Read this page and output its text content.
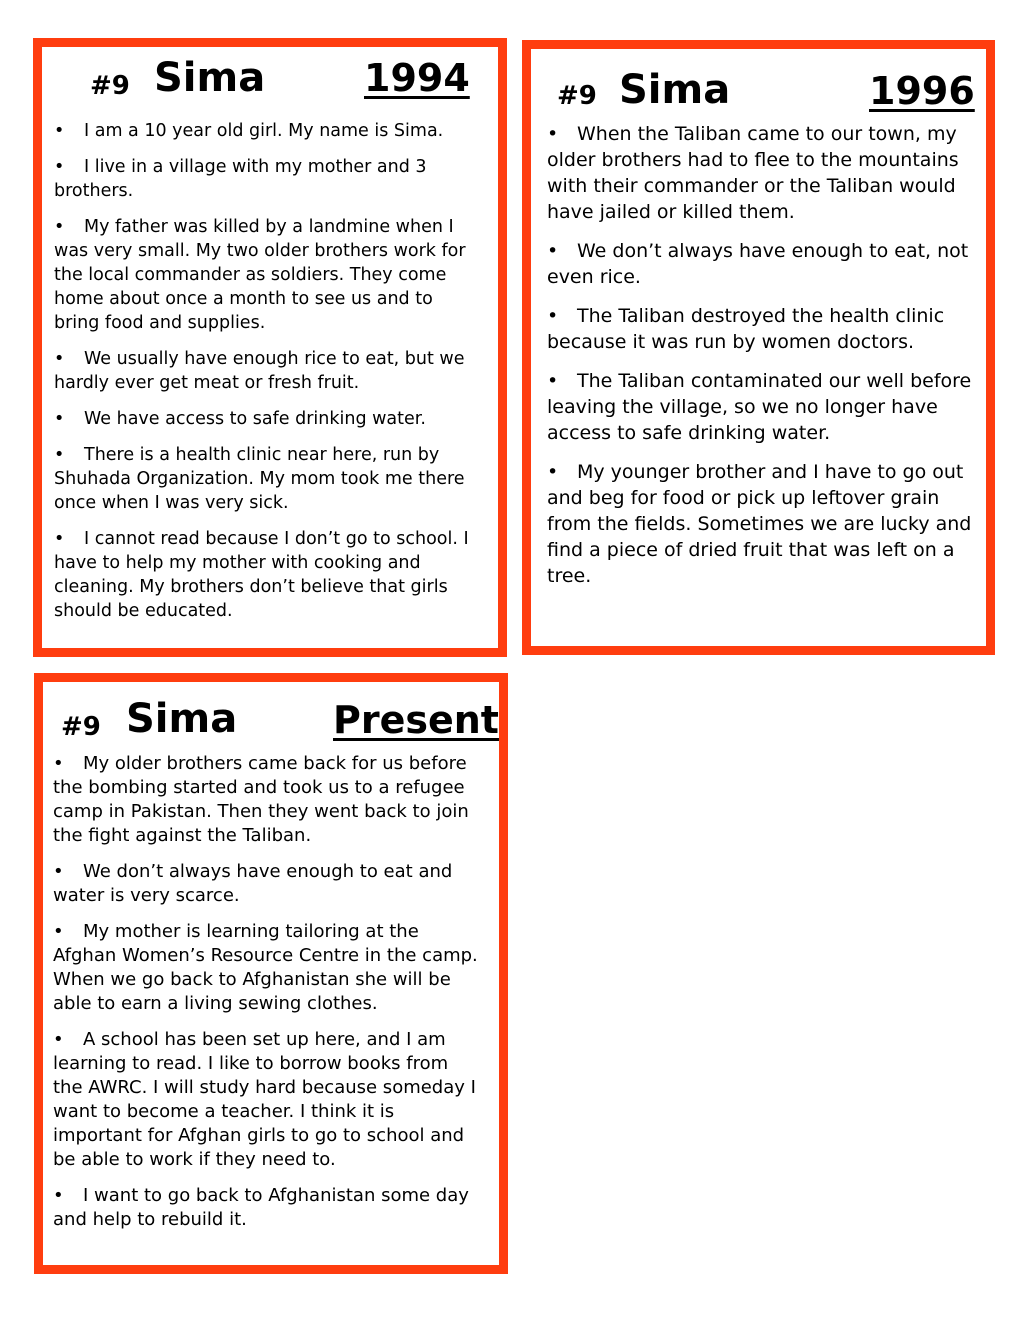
#9 Sima	1994
• I am a 10 year old girl. My name is Sima.
• I live in a village with my mother and 3 brothers.
• My father was killed by a landmine when I was very small. My two older brothers work for the local commander as soldiers. They come home about once a month to see us and to bring food and supplies.
• We usually have enough rice to eat, but we hardly ever get meat or fresh fruit.
• We have access to safe drinking water.
• There is a health clinic near here, run by Shuhada Organization. My mom took me there once when I was very sick.
• I cannot read because I don’t go to school. I have to help my mother with cooking and cleaning. My brothers don’t believe that girls should be educated.
#9 Sima	1996
• When the Taliban came to our town, my older brothers had to flee to the mountains with their commander or the Taliban would have jailed or killed them.
• We don’t always have enough to eat, not even rice.
• The Taliban destroyed the health clinic because it was run by women doctors.
• The Taliban contaminated our well before leaving the village, so we no longer have access to safe drinking water.
• My younger brother and I have to go out and beg for food or pick up leftover grain from the fields. Sometimes we are lucky and find a piece of dried fruit that was left on a tree.
#9 Sima	Present
• My older brothers came back for us before the bombing started and took us to a refugee camp in Pakistan. Then they went back to join the fight against the Taliban.
• We don’t always have enough to eat and water is very scarce.
• My mother is learning tailoring at the Afghan Women’s Resource Centre in the camp. When we go back to Afghanistan she will be able to earn a living sewing clothes.
• A school has been set up here, and I am learning to read. I like to borrow books from the AWRC. I will study hard because someday I want to become a teacher. I think it is important for Afghan girls to go to school and be able to work if they need to.
• I want to go back to Afghanistan some day and help to rebuild it.
